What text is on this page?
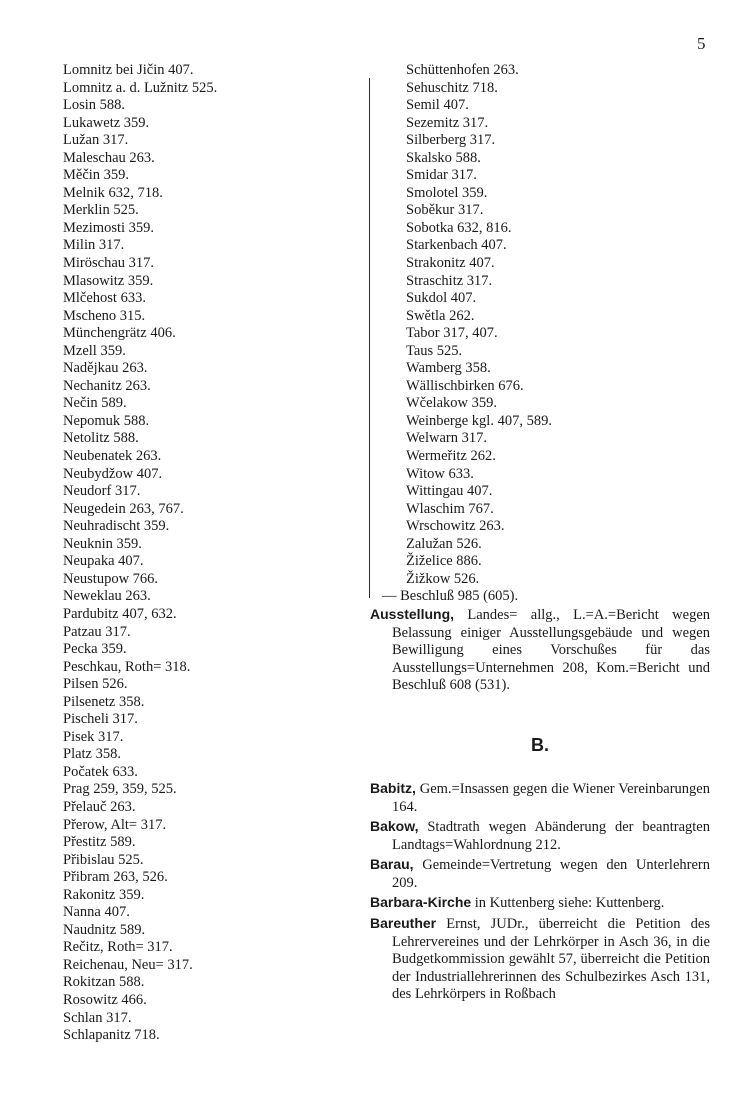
5
Lomnitz bei Jičin 407.
Lomnitz a. d. Lužnitz 525.
Losin 588.
Lukawetz 359.
Lužan 317.
Maleschau 263.
Měčin 359.
Melnik 632, 718.
Merklin 525.
Mezimosti 359.
Milin 317.
Miröschau 317.
Mlasowitz 359.
Mlčehost 633.
Mscheno 315.
Münchengrätz 406.
Mzell 359.
Nadějkau 263.
Nechanitz 263.
Nečin 589.
Nepomuk 588.
Netolitz 588.
Neubenatek 263.
Neubydžow 407.
Neudorf 317.
Neugedein 263, 767.
Neuhradischt 359.
Neuknin 359.
Neupaka 407.
Neustupow 766.
Neweklau 263.
Pardubitz 407, 632.
Patzau 317.
Pecka 359.
Peschkau, Roth= 318.
Pilsen 526.
Pilsenetz 358.
Pischeli 317.
Pisek 317.
Platz 358.
Počatek 633.
Prag 259, 359, 525.
Přelauč 263.
Přerow, Alt= 317.
Přestitz 589.
Přibislau 525.
Přibram 263, 526.
Rakonitz 359.
Nanna 407.
Naudnitz 589.
Rečitz, Roth= 317.
Reichenau, Neu= 317.
Rokitzan 588.
Rosowitz 466.
Schlan 317.
Schlapanitz 718.
Schüttenhofen 263.
Sehuschitz 718.
Semil 407.
Sezemitz 317.
Silberberg 317.
Skalsko 588.
Smidar 317.
Smolotel 359.
Soběkur 317.
Sobotka 632, 816.
Starkenbach 407.
Strakonitz 407.
Straschitz 317.
Sukdol 407.
Swětla 262.
Tabor 317, 407.
Taus 525.
Wamberg 358.
Wällischbirken 676.
Wčelakow 359.
Weinberge kgl. 407, 589.
Welwarn 317.
Wermeřitz 262.
Witow 633.
Wittingau 407.
Wlaschim 767.
Wrschowitz 263.
Zalužan 526.
Žiželice 886.
Žižkow 526.
— Beschluß 985 (605).
Ausstellung, Landes= allg., L.=A.=Bericht wegen Belassung einiger Ausstellungsgebäude und wegen Bewilligung eines Vorschußes für das Ausstellungs=Unternehmen 208, Kom.=Bericht und Beschluß 608 (531).
B.
Babitz, Gem.=Insassen gegen die Wiener Vereinbarungen 164.
Bakow, Stadtrath wegen Abänderung der beantragten Landtags=Wahlordnung 212.
Barau, Gemeinde=Vertretung wegen den Unterlehrern 209.
Barbara-Kirche in Kuttenberg siehe: Kuttenberg.
Bareuther Ernst, JUDr., überreicht die Petition des Lehrervereines und der Lehrkörper in Asch 36, in die Budgetkommission gewählt 57, überreicht die Petition der Industriallehrerinnen des Schulbezirkes Asch 131, des Lehrkörpers in Roßbach
